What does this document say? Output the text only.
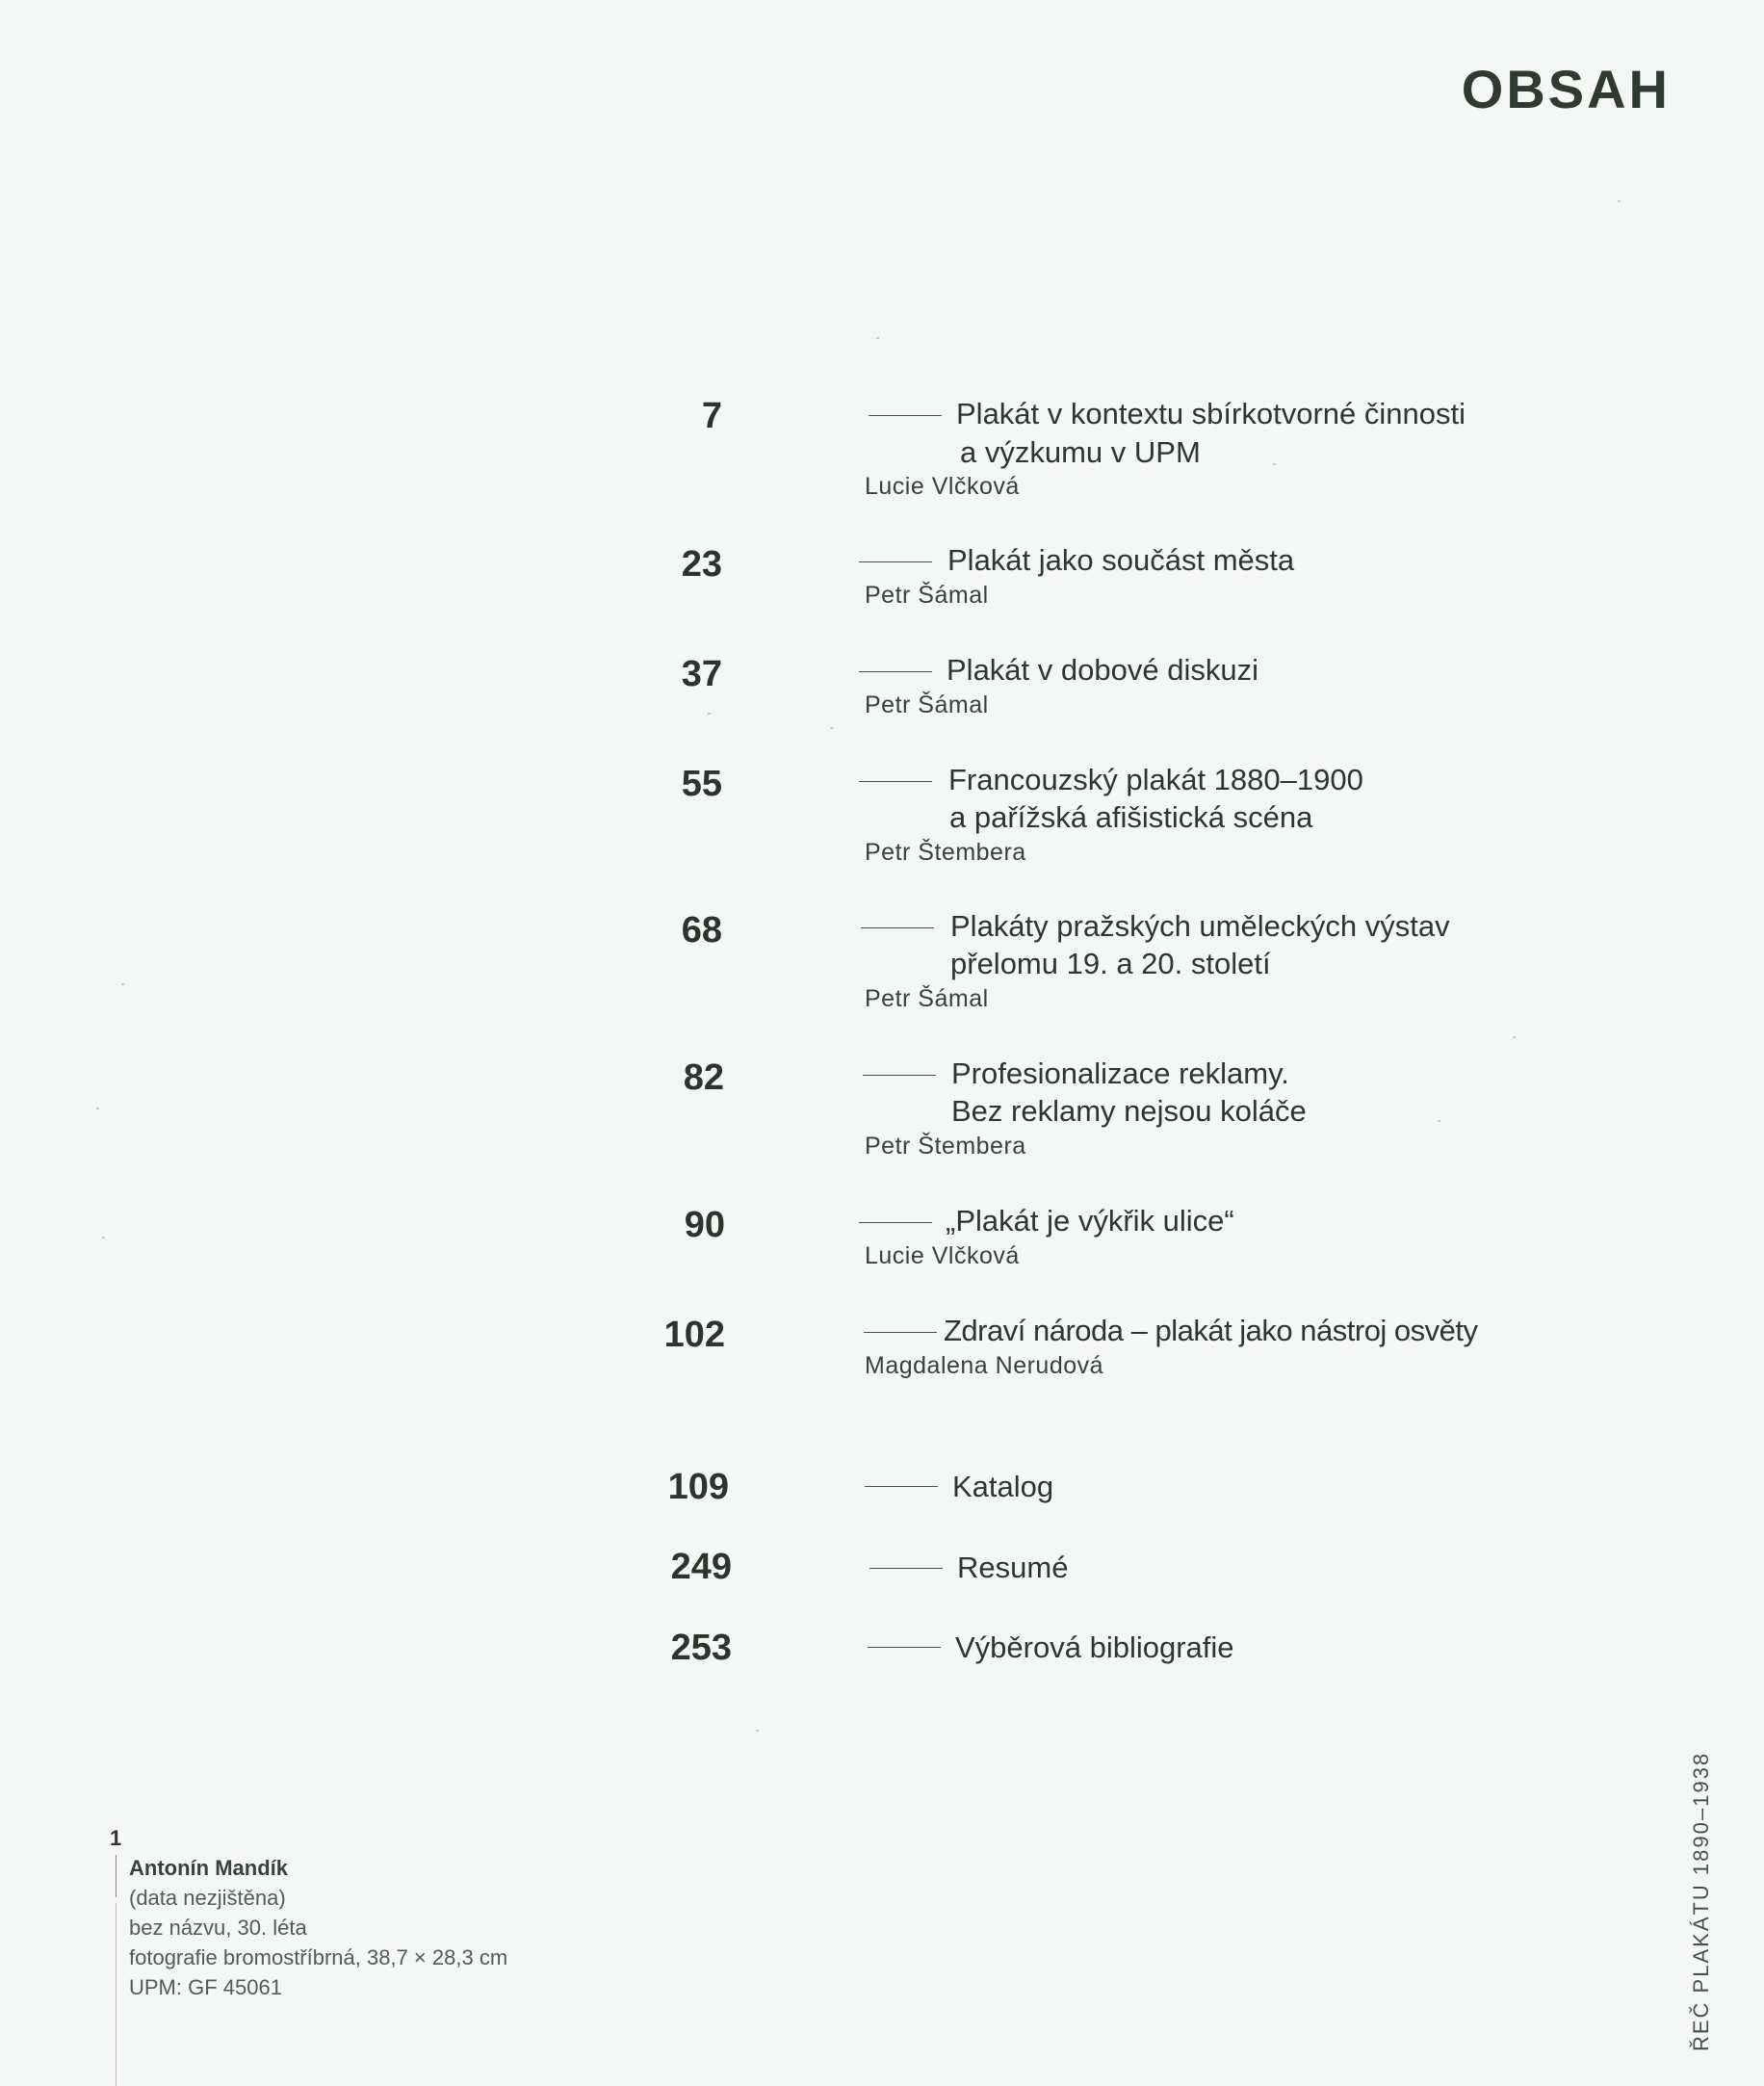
OBSAH
7	Plakát v kontextu sbírkotvorné činnosti
a výzkumu v UPM
Lucie Vlčková
23	Plakát jako součást města
Petr Šámal
37	Plakát v dobové diskuzi
Petr Šámal
55	Francouzský plakát 1880–1900
a pařížská afišistická scéna
Petr Štembera
68	Plakáty pražských uměleckých výstav
přelomu 19. a 20. století
Petr Šámal
82	Profesionalizace reklamy.
Bez reklamy nejsou koláče
Petr Štembera
90	„Plakát je výkřik ulice“
Lucie Vlčková
102	Zdraví národa – plakát jako nástroj osvěty
Magdalena Nerudová
109	Katalog
249	Resumé
253	Výběrová bibliografie
1
Antonín Mandík
(data nezjištěna)
bez názvu, 30. léta
fotografie bromostříbrná, 38,7 × 28,3 cm
UPM: GF 45061	ŘEČ PLAKÁTU 1890–1938
